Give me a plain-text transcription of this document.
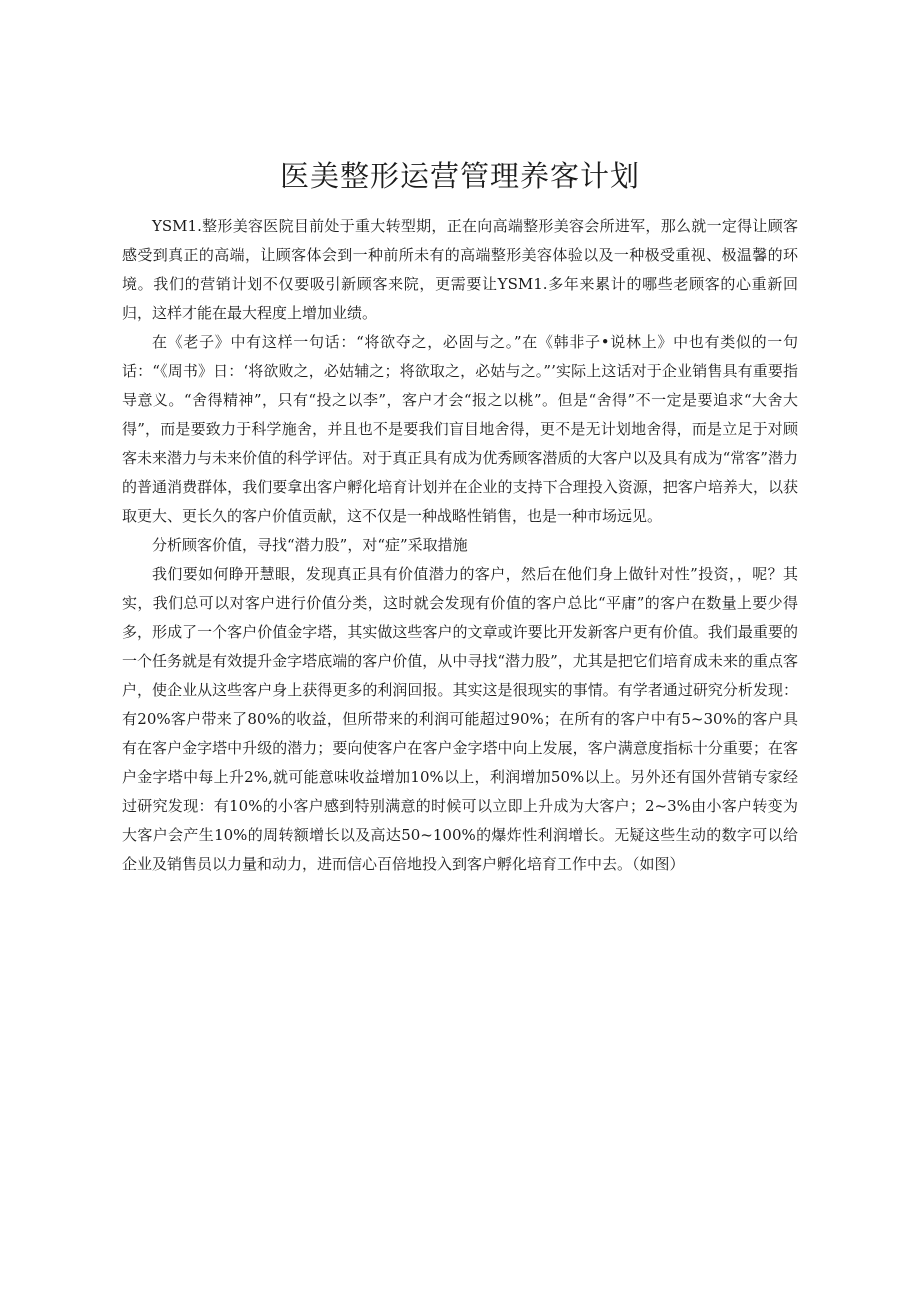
医美整形运营管理养客计划

YSM1.整形美容医院目前处于重大转型期，正在向高端整形美容会所进军，那么就一定得让顾客感受到真正的高端，让顾客体会到一种前所未有的高端整形美容体验以及一种极受重视、极温馨的环境。我们的营销计划不仅要吸引新顾客来院，更需要让YSM1.多年来累计的哪些老顾客的心重新回归，这样才能在最大程度上增加业绩。

在《老子》中有这样一句话：“将欲夺之，必固与之。”在《韩非子•说林上》中也有类似的一句话：“《周书》日：‘将欲败之，必姑辅之；将欲取之，必姑与之。”’实际上这话对于企业销售具有重要指导意义。“舍得精神”，只有“投之以李”，客户才会“报之以桃”。但是“舍得”不一定是要追求“大舍大得”，而是要致力于科学施舍，并且也不是要我们盲目地舍得，更不是无计划地舍得，而是立足于对顾客未来潜力与未来价值的科学评估。对于真正具有成为优秀顾客潜质的大客户以及具有成为“常客”潜力的普通消费群体，我们要拿出客户孵化培育计划并在企业的支持下合理投入资源，把客户培养大，以获取更大、更长久的客户价值贡献，这不仅是一种战略性销售，也是一种市场远见。

分析顾客价值，寻找“潜力股”，对“症”采取措施

我们要如何睁开慧眼，发现真正具有价值潜力的客户，然后在他们身上做针对性”投资，，呢？其实，我们总可以对客户进行价值分类，这时就会发现有价值的客户总比“平庸”的客户在数量上要少得多，形成了一个客户价值金字塔，其实做这些客户的文章或许要比开发新客户更有价值。我们最重要的一个任务就是有效提升金字塔底端的客户价值，从中寻找“潜力股”，尤其是把它们培育成未来的重点客户，使企业从这些客户身上获得更多的利润回报。其实这是很现实的事情。有学者通过研究分析发现：有20%客户带来了80%的收益，但所带来的利润可能超过90%；在所有的客户中有5~30%的客户具有在客户金字塔中升级的潜力；要向使客户在客户金字塔中向上发展，客户满意度指标十分重要；在客户金字塔中每上升2%,就可能意味收益增加10%以上，利润增加50%以上。另外还有国外营销专家经过研究发现：有10%的小客户感到特别满意的时候可以立即上升成为大客户；2~3%由小客户转变为大客户会产生10%的周转额增长以及高达50~100%的爆炸性利润增长。无疑这些生动的数字可以给企业及销售员以力量和动力，进而信心百倍地投入到客户孵化培育工作中去。（如图）
